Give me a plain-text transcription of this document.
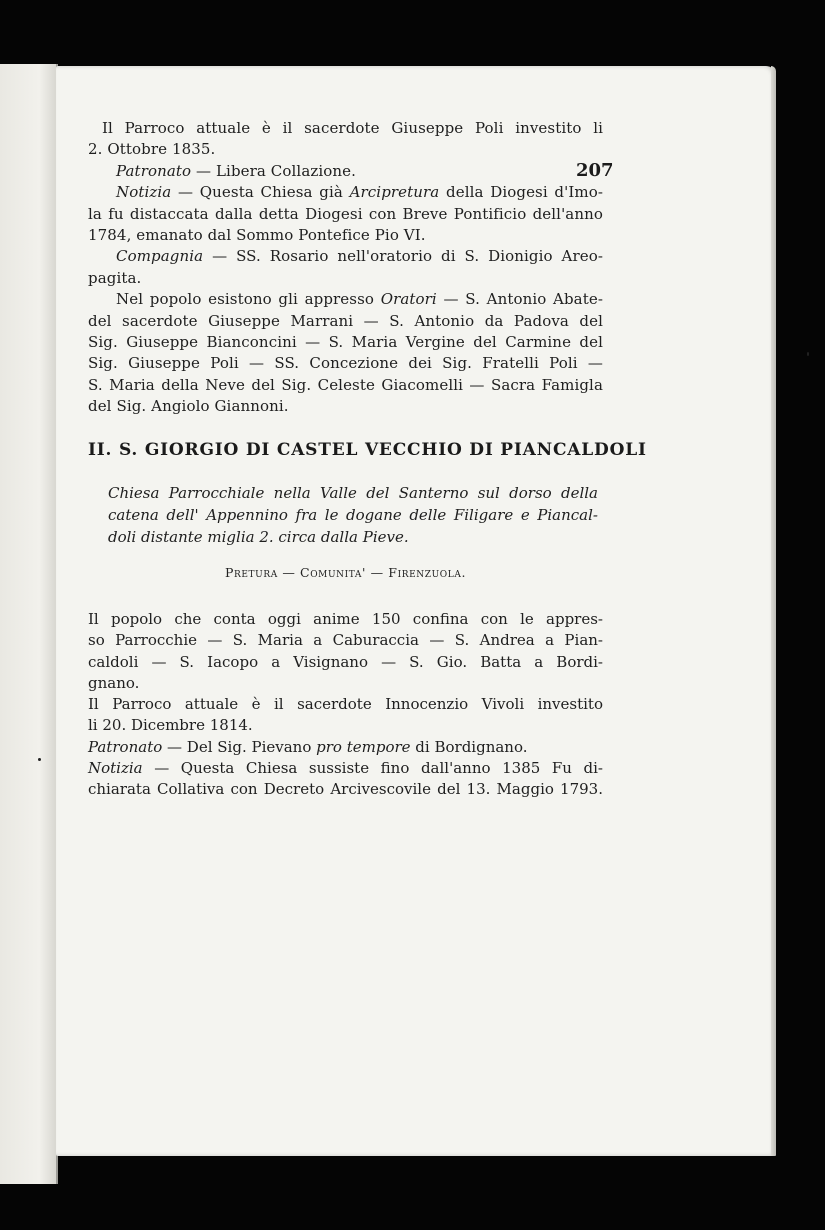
207

Il Parroco attuale è il sacerdote Giuseppe Poli investito li
2. Ottobre 1835.

Patronato — Libera Collazione.

Notizia — Questa Chiesa già Arcipretura della Diogesi d'Imo-
la fu distaccata dalla detta Diogesi con Breve Pontificio dell'anno
1784, emanato dal Sommo Pontefice Pio VI.

Compagnia — SS. Rosario nell'oratorio di S. Dionigio Areo-
pagita.

Nel popolo esistono gli appresso Oratori — S. Antonio Abate-
del sacerdote Giuseppe Marrani — S. Antonio da Padova del
Sig. Giuseppe Bianconcini — S. Maria Vergine del Carmine del
Sig. Giuseppe Poli — SS. Concezione dei Sig. Fratelli Poli —
S. Maria della Neve del Sig. Celeste Giacomelli — Sacra Famigla
del Sig. Angiolo Giannoni.

II. S. GIORGIO DI CASTEL VECCHIO DI PIANCALDOLI
Chiesa Parrocchiale nella Valle del Santerno sul dorso della
catena dell' Appennino fra le dogane delle Filigare e Piancal-
doli distante miglia 2. circa dalla Pieve.
Pretura — Comunita' — Firenzuola.

Il popolo che conta oggi anime 150 confina con le appres-
so Parrocchie — S. Maria a Caburaccia — S. Andrea a Pian-
caldoli — S. Iacopo a Visignano — S. Gio. Batta a Bordi-
gnano.

Il Parroco attuale è il sacerdote Innocenzio Vivoli investito
li 20. Dicembre 1814.

Patronato — Del Sig. Pievano pro tempore di Bordignano.

Notizia — Questa Chiesa sussiste fino dall'anno 1385 Fu di-
chiarata Collativa con Decreto Arcivescovile del 13. Maggio 1793.
